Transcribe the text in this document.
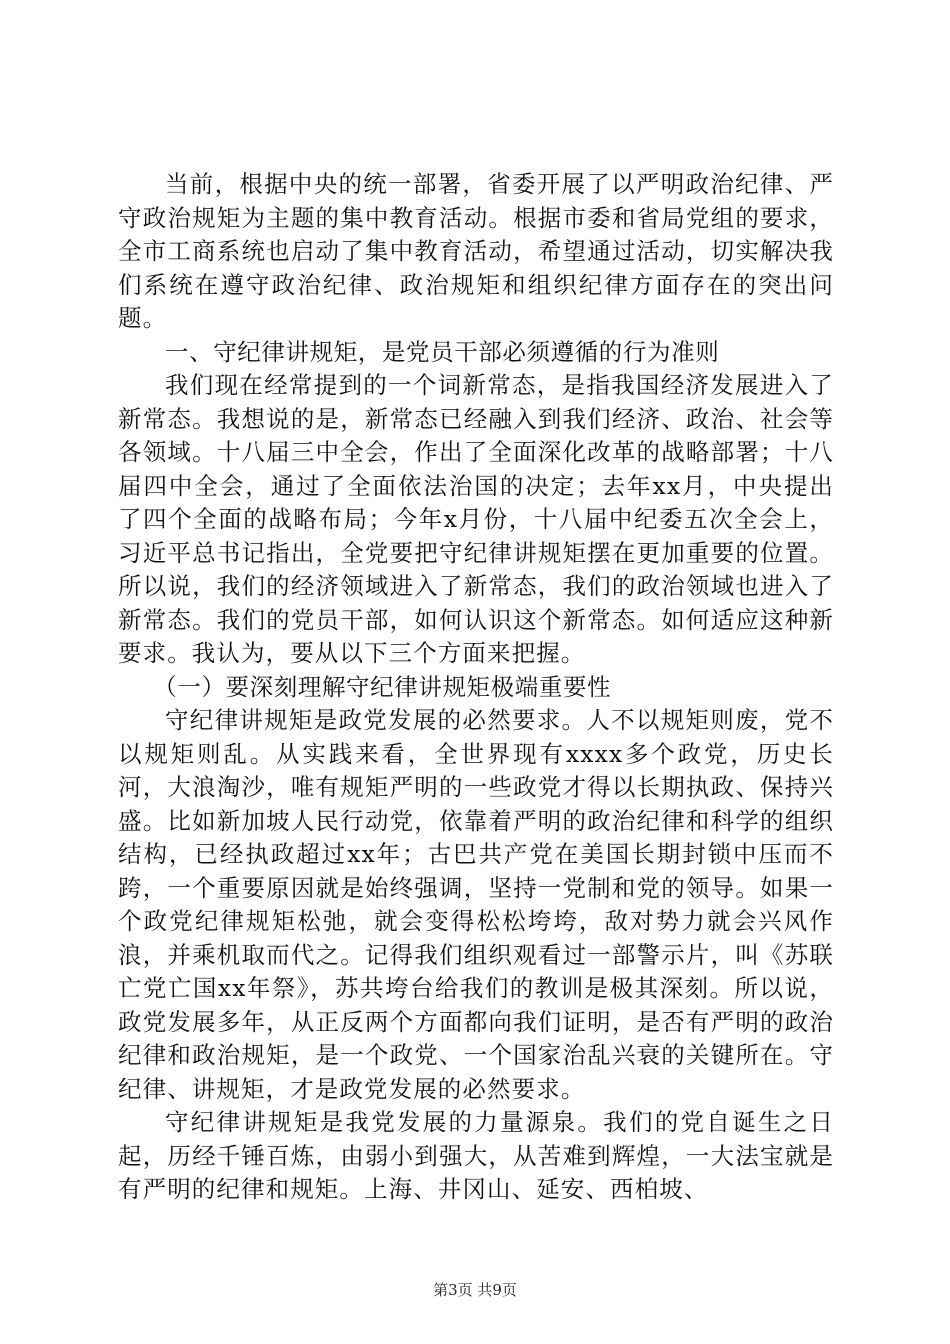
当前，根据中央的统一部署，省委开展了以严明政治纪律、严守政治规矩为主题的集中教育活动。根据市委和省局党组的要求，全市工商系统也启动了集中教育活动，希望通过活动，切实解决我们系统在遵守政治纪律、政治规矩和组织纪律方面存在的突出问题。

一、守纪律讲规矩，是党员干部必须遵循的行为准则

我们现在经常提到的一个词新常态，是指我国经济发展进入了新常态。我想说的是，新常态已经融入到我们经济、政治、社会等各领域。十八届三中全会，作出了全面深化改革的战略部署；十八届四中全会，通过了全面依法治国的决定；去年xx月，中央提出了四个全面的战略布局；今年x月份，十八届中纪委五次全会上，习近平总书记指出，全党要把守纪律讲规矩摆在更加重要的位置。所以说，我们的经济领域进入了新常态，我们的政治领域也进入了新常态。我们的党员干部，如何认识这个新常态。如何适应这种新要求。我认为，要从以下三个方面来把握。

（一）要深刻理解守纪律讲规矩极端重要性

守纪律讲规矩是政党发展的必然要求。人不以规矩则废，党不以规矩则乱。从实践来看，全世界现有xxxx多个政党，历史长河，大浪淘沙，唯有规矩严明的一些政党才得以长期执政、保持兴盛。比如新加坡人民行动党，依靠着严明的政治纪律和科学的组织结构，已经执政超过xx年；古巴共产党在美国长期封锁中压而不跨，一个重要原因就是始终强调，坚持一党制和党的领导。如果一个政党纪律规矩松弛，就会变得松松垮垮，敌对势力就会兴风作浪，并乘机取而代之。记得我们组织观看过一部警示片，叫《苏联亡党亡国xx年祭》，苏共垮台给我们的教训是极其深刻。所以说，政党发展多年，从正反两个方面都向我们证明，是否有严明的政治纪律和政治规矩，是一个政党、一个国家治乱兴衰的关键所在。守纪律、讲规矩，才是政党发展的必然要求。

守纪律讲规矩是我党发展的力量源泉。我们的党自诞生之日起，历经千锤百炼，由弱小到强大，从苦难到辉煌，一大法宝就是有严明的纪律和规矩。上海、井冈山、延安、西柏坡、

第3页 共9页
